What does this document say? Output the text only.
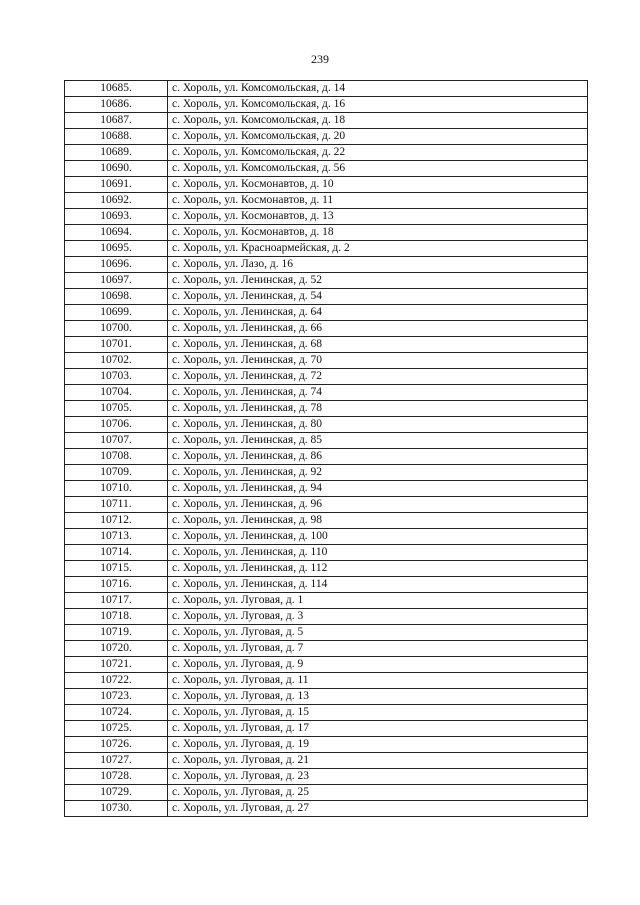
239
10685.	с. Хороль, ул. Комсомольская, д. 14
10686.	с. Хороль, ул. Комсомольская, д. 16
10687.	с. Хороль, ул. Комсомольская, д. 18
10688.	с. Хороль, ул. Комсомольская, д. 20
10689.	с. Хороль, ул. Комсомольская, д. 22
10690.	с. Хороль, ул. Комсомольская, д. 56
10691.	с. Хороль, ул. Космонавтов, д. 10
10692.	с. Хороль, ул. Космонавтов, д. 11
10693.	с. Хороль, ул. Космонавтов, д. 13
10694.	с. Хороль, ул. Космонавтов, д. 18
10695.	с. Хороль, ул. Красноармейская, д. 2
10696.	с. Хороль, ул. Лазо, д. 16
10697.	с. Хороль, ул. Ленинская, д. 52
10698.	с. Хороль, ул. Ленинская, д. 54
10699.	с. Хороль, ул. Ленинская, д. 64
10700.	с. Хороль, ул. Ленинская, д. 66
10701.	с. Хороль, ул. Ленинская, д. 68
10702.	с. Хороль, ул. Ленинская, д. 70
10703.	с. Хороль, ул. Ленинская, д. 72
10704.	с. Хороль, ул. Ленинская, д. 74
10705.	с. Хороль, ул. Ленинская, д. 78
10706.	с. Хороль, ул. Ленинская, д. 80
10707.	с. Хороль, ул. Ленинская, д. 85
10708.	с. Хороль, ул. Ленинская, д. 86
10709.	с. Хороль, ул. Ленинская, д. 92
10710.	с. Хороль, ул. Ленинская, д. 94
10711.	с. Хороль, ул. Ленинская, д. 96
10712.	с. Хороль, ул. Ленинская, д. 98
10713.	с. Хороль, ул. Ленинская, д. 100
10714.	с. Хороль, ул. Ленинская, д. 110
10715.	с. Хороль, ул. Ленинская, д. 112
10716.	с. Хороль, ул. Ленинская, д. 114
10717.	с. Хороль, ул. Луговая, д. 1
10718.	с. Хороль, ул. Луговая, д. 3
10719.	с. Хороль, ул. Луговая, д. 5
10720.	с. Хороль, ул. Луговая, д. 7
10721.	с. Хороль, ул. Луговая, д. 9
10722.	с. Хороль, ул. Луговая, д. 11
10723.	с. Хороль, ул. Луговая, д. 13
10724.	с. Хороль, ул. Луговая, д. 15
10725.	с. Хороль, ул. Луговая, д. 17
10726.	с. Хороль, ул. Луговая, д. 19
10727.	с. Хороль, ул. Луговая, д. 21
10728.	с. Хороль, ул. Луговая, д. 23
10729.	с. Хороль, ул. Луговая, д. 25
10730.	с. Хороль, ул. Луговая, д. 27
